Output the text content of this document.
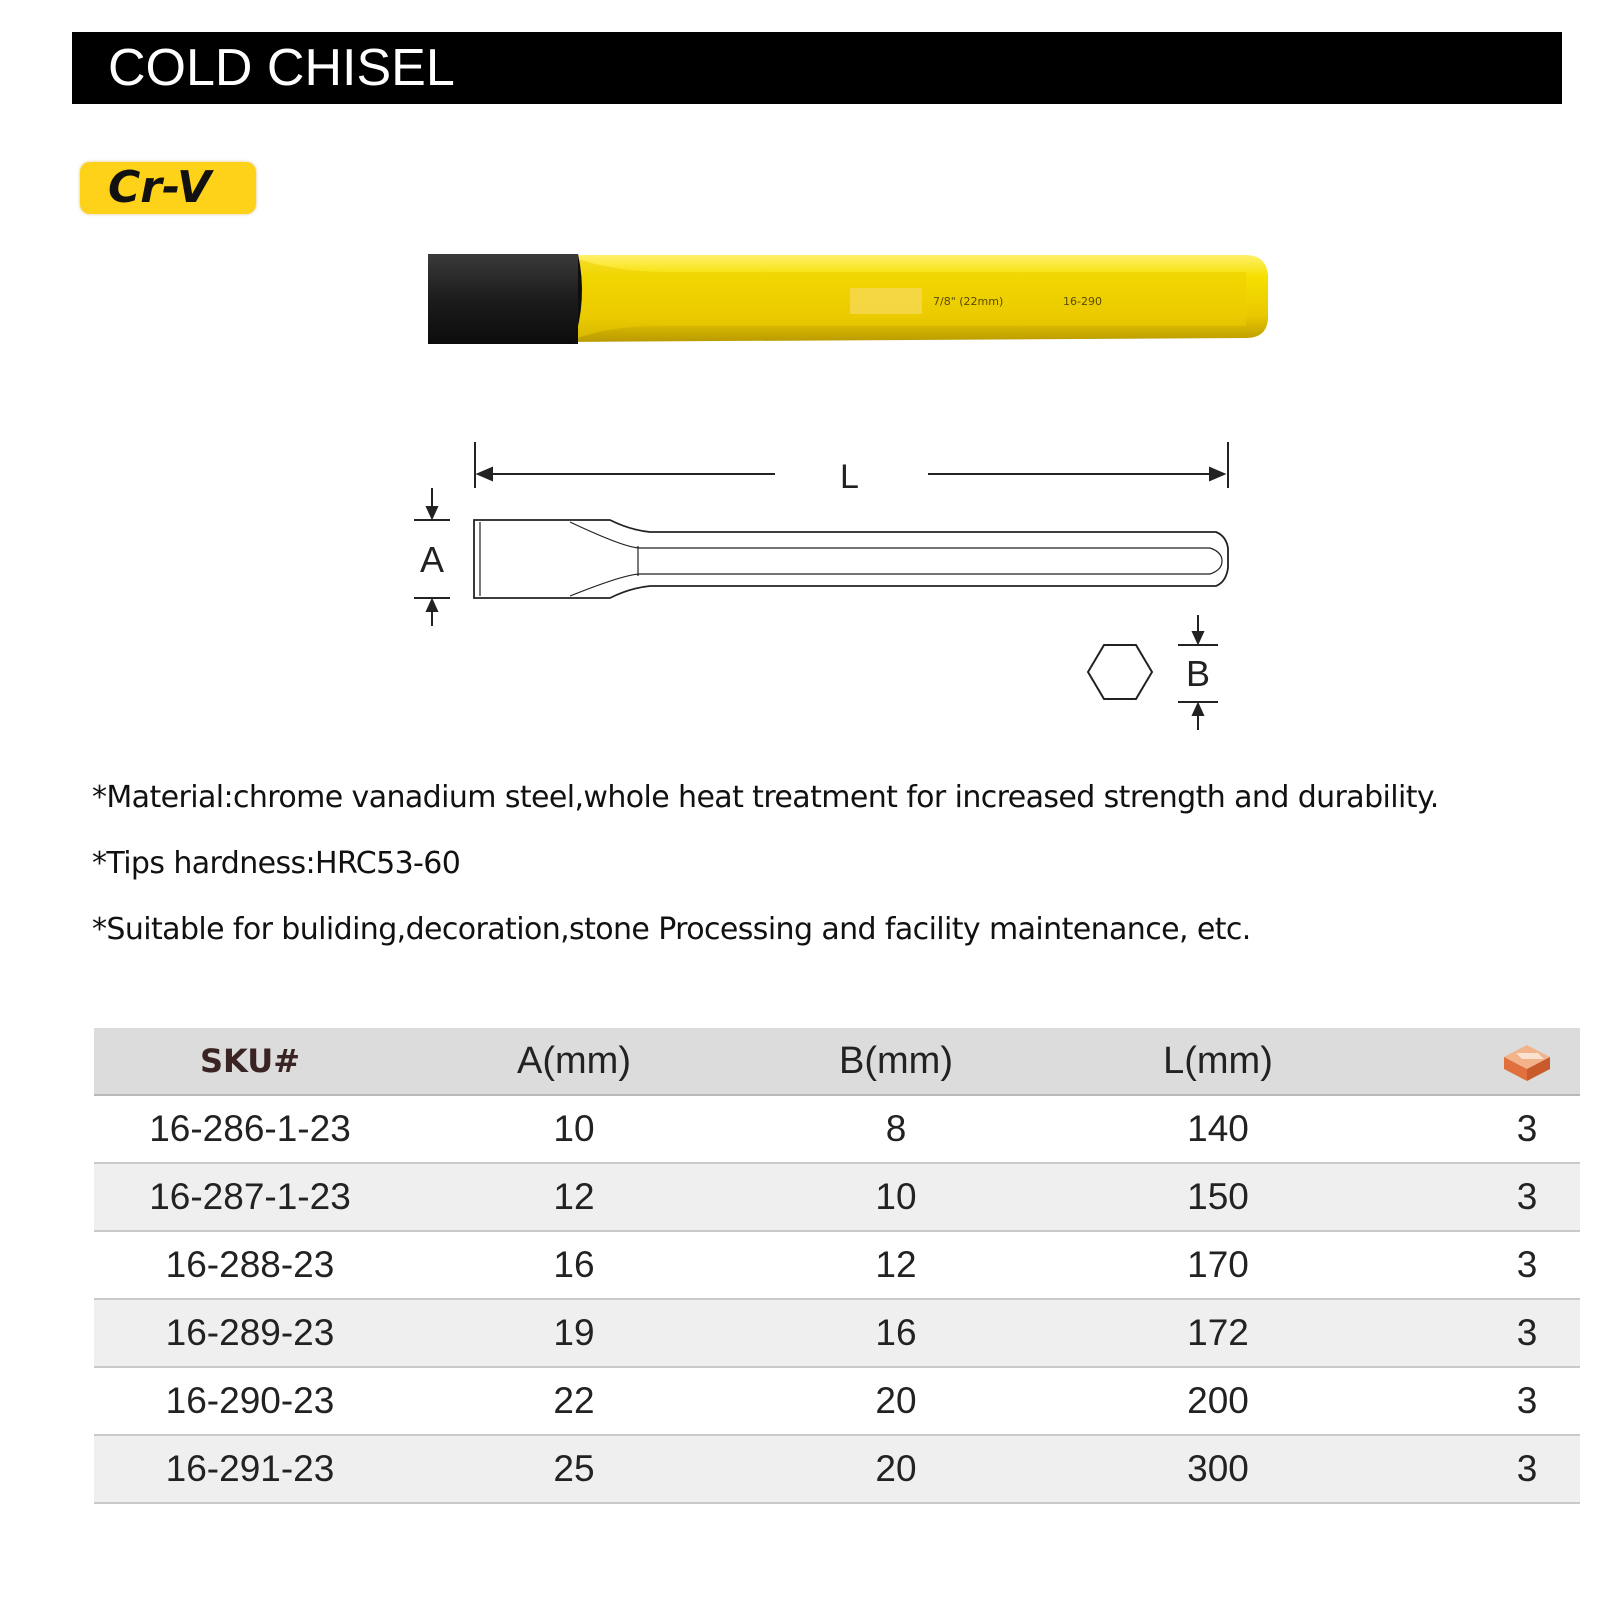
COLD CHISEL
Cr-V
7/8" (22mm)	16-290
L
A
B
*Material:chrome vanadium steel,whole heat treatment for increased strength and durability.
*Tips hardness:HRC53-60
*Suitable for buliding,decoration,stone Processing and facility maintenance, etc.
SKU#	A(mm)	B(mm)	L(mm)
16-286-1-23	10	8	140	3
16-287-1-23	12	10	150	3
16-288-23	16	12	170	3
16-289-23	19	16	172	3
16-290-23	22	20	200	3
16-291-23	25	20	300	3
